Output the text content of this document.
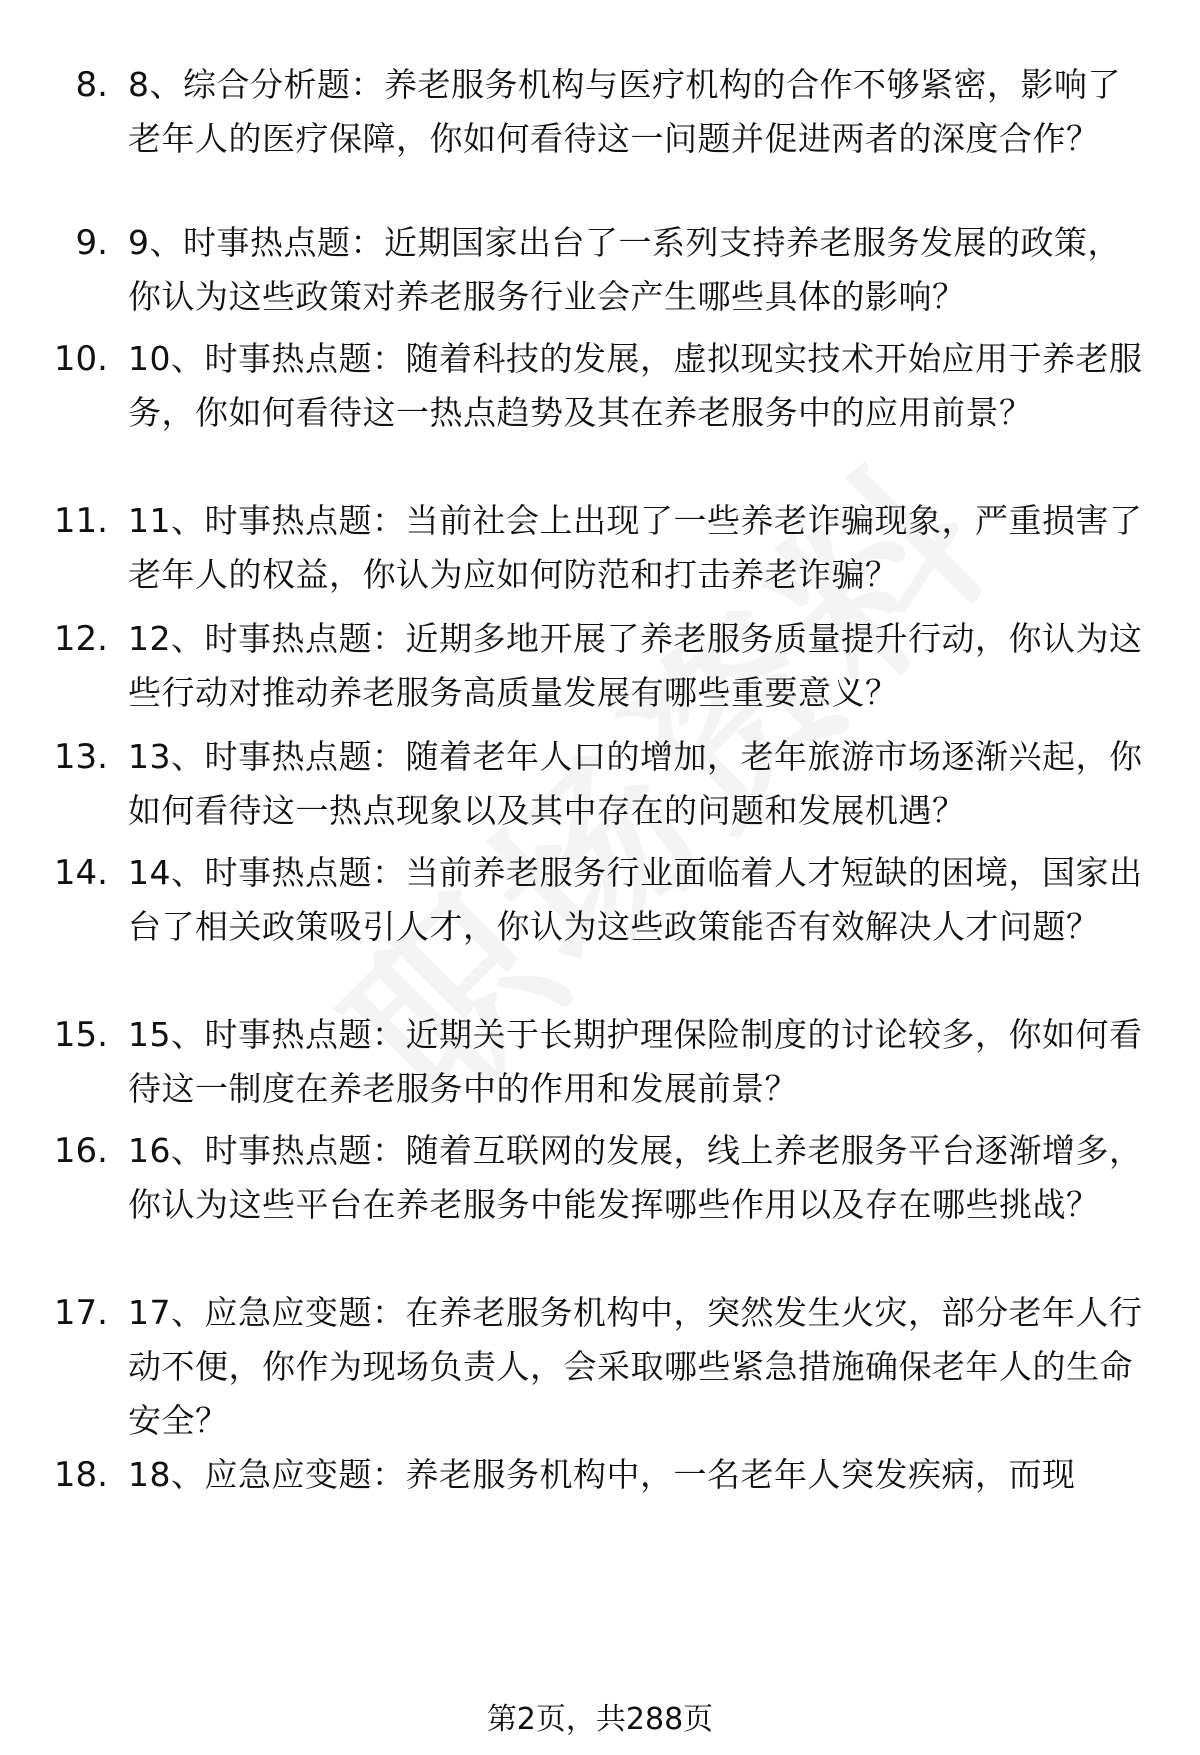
8. 8、综合分析题：养老服务机构与医疗机构的合作不够紧密，影响了老年人的医疗保障，你如何看待这一问题并促进两者的深度合作？
9. 9、时事热点题：近期国家出台了一系列支持养老服务发展的政策，你认为这些政策对养老服务行业会产生哪些具体的影响？
10. 10、时事热点题：随着科技的发展，虚拟现实技术开始应用于养老服务，你如何看待这一热点趋势及其在养老服务中的应用前景？
11. 11、时事热点题：当前社会上出现了一些养老诈骗现象，严重损害了老年人的权益，你认为应如何防范和打击养老诈骗？
12. 12、时事热点题：近期多地开展了养老服务质量提升行动，你认为这些行动对推动养老服务高质量发展有哪些重要意义？
13. 13、时事热点题：随着老年人口的增加，老年旅游市场逐渐兴起，你如何看待这一热点现象以及其中存在的问题和发展机遇？
14. 14、时事热点题：当前养老服务行业面临着人才短缺的困境，国家出台了相关政策吸引人才，你认为这些政策能否有效解决人才问题？
15. 15、时事热点题：近期关于长期护理保险制度的讨论较多，你如何看待这一制度在养老服务中的作用和发展前景？
16. 16、时事热点题：随着互联网的发展，线上养老服务平台逐渐增多，你认为这些平台在养老服务中能发挥哪些作用以及存在哪些挑战？
17. 17、应急应变题：在养老服务机构中，突然发生火灾，部分老年人行动不便，你作为现场负责人，会采取哪些紧急措施确保老年人的生命安全？
18. 18、应急应变题：养老服务机构中，一名老年人突发疾病，而现
第2页，共288页
